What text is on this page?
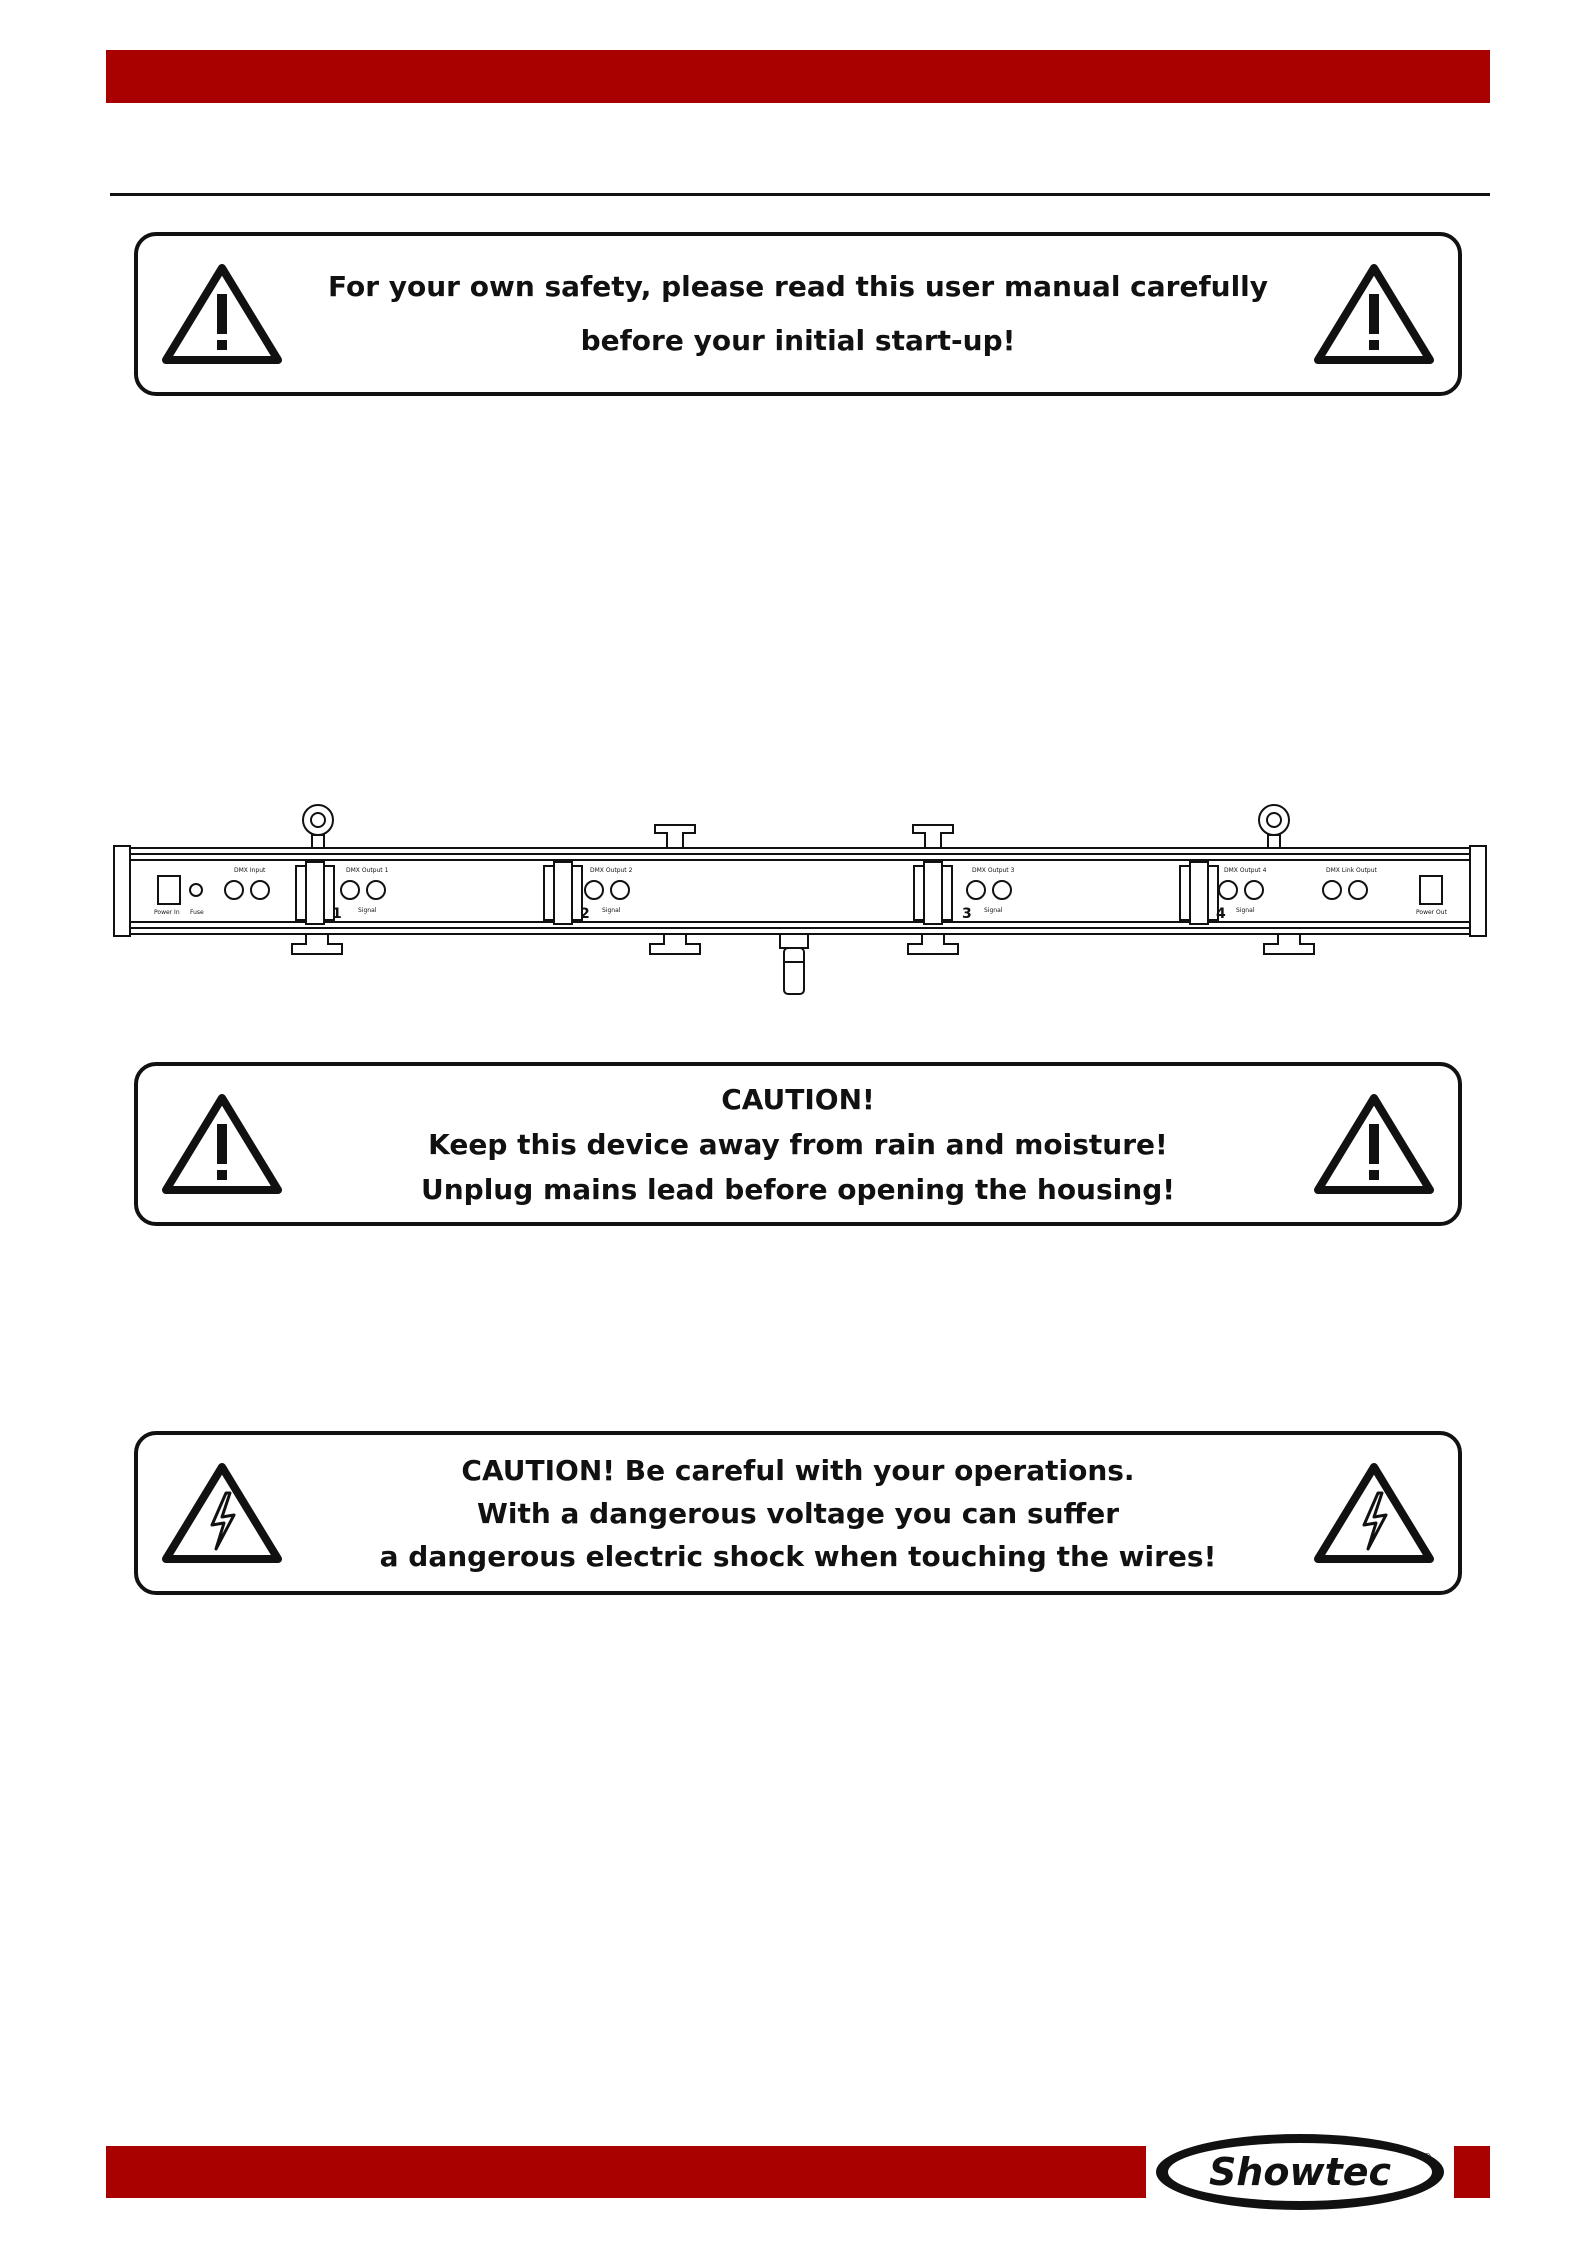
For your own safety, please read this user manual carefully
before your initial start-up!
Power In Fuse
DMX Input	DMX Output 1	DMX Output 2	DMX Output 3	DMX Output 4	DMX Link Output
Power Out
Signal	Signal	Signal	Signal
1	2	3	4
CAUTION!
Keep this device away from rain and moisture!
Unplug mains lead before opening the housing!
CAUTION! Be careful with your operations.
With a dangerous voltage you can suffer
a dangerous electric shock when touching the wires!
Showtec	®
